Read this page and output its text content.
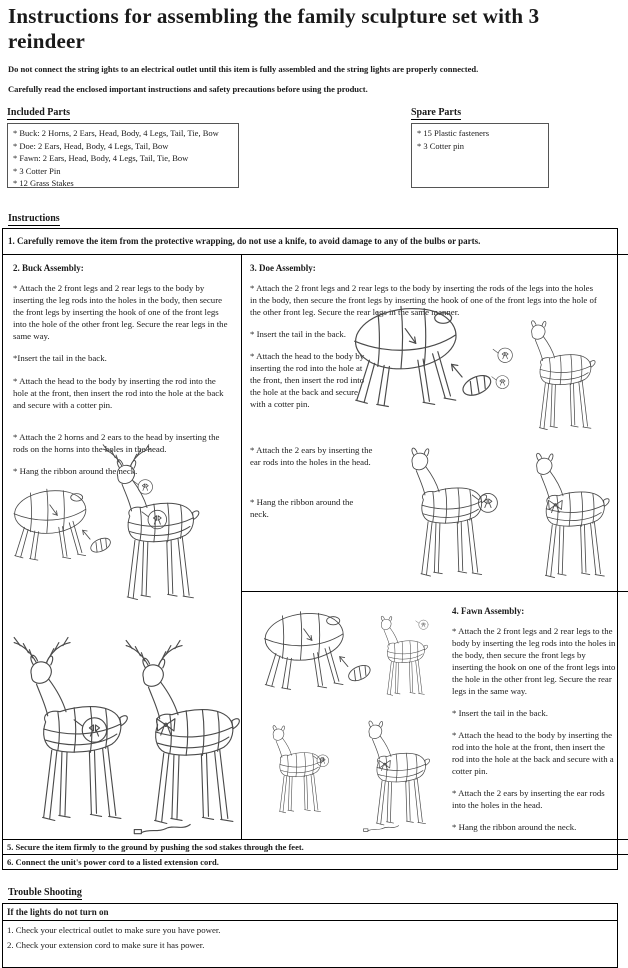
Instructions for assembling the family sculpture set with 3 reindeer

Do not connect the string ights to an electrical outlet until this item is fully assembled and the string lights are properly connected.

Carefully read the enclosed important instructions and safety precautions before using the product.

Included Parts
* Buck: 2 Horns, 2 Ears, Head, Body, 4 Legs, Tail, Tie, Bow
* Doe: 2 Ears, Head, Body, 4 Legs, Tail, Bow
* Fawn: 2 Ears, Head, Body, 4 Legs, Tail, Tie, Bow
* 3 Cotter Pin
* 12 Grass Stakes
Spare Parts
* 15 Plastic fasteners
* 3 Cotter pin
Instructions
1. Carefully remove the item from the protective wrapping, do not use a knife, to avoid damage to any of the bulbs or parts.
2. Buck Assembly:
* Attach the 2 front legs and 2 rear legs to the body by inserting the leg rods into the holes in the body, then secure the front legs by inserting the hook of one of the front legs into the hole of the other front leg. Secure the rear legs in the same way.
*Insert the tail in the back.
* Attach the head to the body by inserting the rod into the hole at the front, then insert the rod into the hole at the back and secure with a cotter pin.
* Attach the 2 horns and 2 ears to the head by inserting the rods on the horns into the holes in the head.
* Hang the ribbon around the neck.
3. Doe Assembly:
* Attach the 2 front legs and 2 rear legs to the body by inserting the rods of the legs into the holes in the body, then secure the front legs by inserting the hook of one of the front legs into the hole of the other front leg. Secure the rear legs in the same manner.
* Insert the tail in the back.
* Attach the head to the body by inserting the rod into the hole at the front, then insert the rod into the hole at the back and secure with a cotter pin.
* Attach the 2 ears by inserting the ear rods into the holes in the head.
* Hang the ribbon around the neck.
4. Fawn Assembly:
* Attach the 2 front legs and 2 rear legs to the body by inserting the leg rods into the holes in the body, then secure the front legs by inserting the hook on one of the front legs into the hole in the other front leg. Secure the rear legs in the same way.
* Insert the tail in the back.
* Attach the head to the body by inserting the rod into the hole at the front, then insert the rod into the hole at the back and secure with a cotter pin.
* Attach the 2 ears by inserting the ear rods into the holes in the head.
* Hang the ribbon around the neck.
5. Secure the item firmly to the ground by pushing the sod stakes through the feet.
6. Connect the unit's power cord to a listed extension cord.
Trouble Shooting
If the lights do not turn on
1. Check your electrical outlet to make sure you have power.
2. Check your extension cord to make sure it has power.
